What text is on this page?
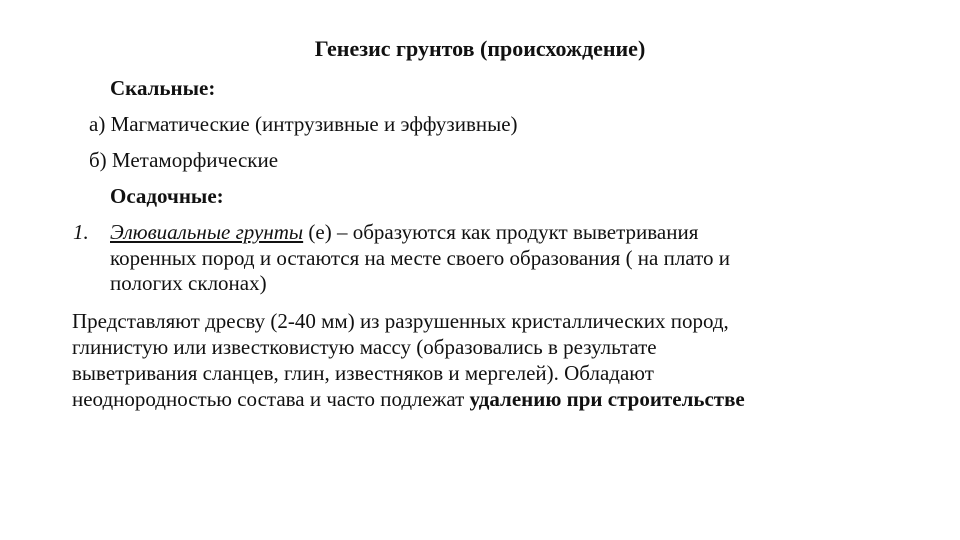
Генезис грунтов (происхождение)
Скальные:
а) Магматические (интрузивные и эффузивные)
б) Метаморфические
Осадочные:
1. Элювиальные грунты (е) – образуются как продукт выветривания
коренных пород и остаются на месте своего образования ( на плато и
пологих склонах)
Представляют дресву (2-40 мм) из разрушенных кристаллических пород,
глинистую или известковистую массу (образовались в результате
выветривания сланцев, глин, известняков и мергелей). Обладают
неоднородностью состава и часто подлежат удалению при строительстве
